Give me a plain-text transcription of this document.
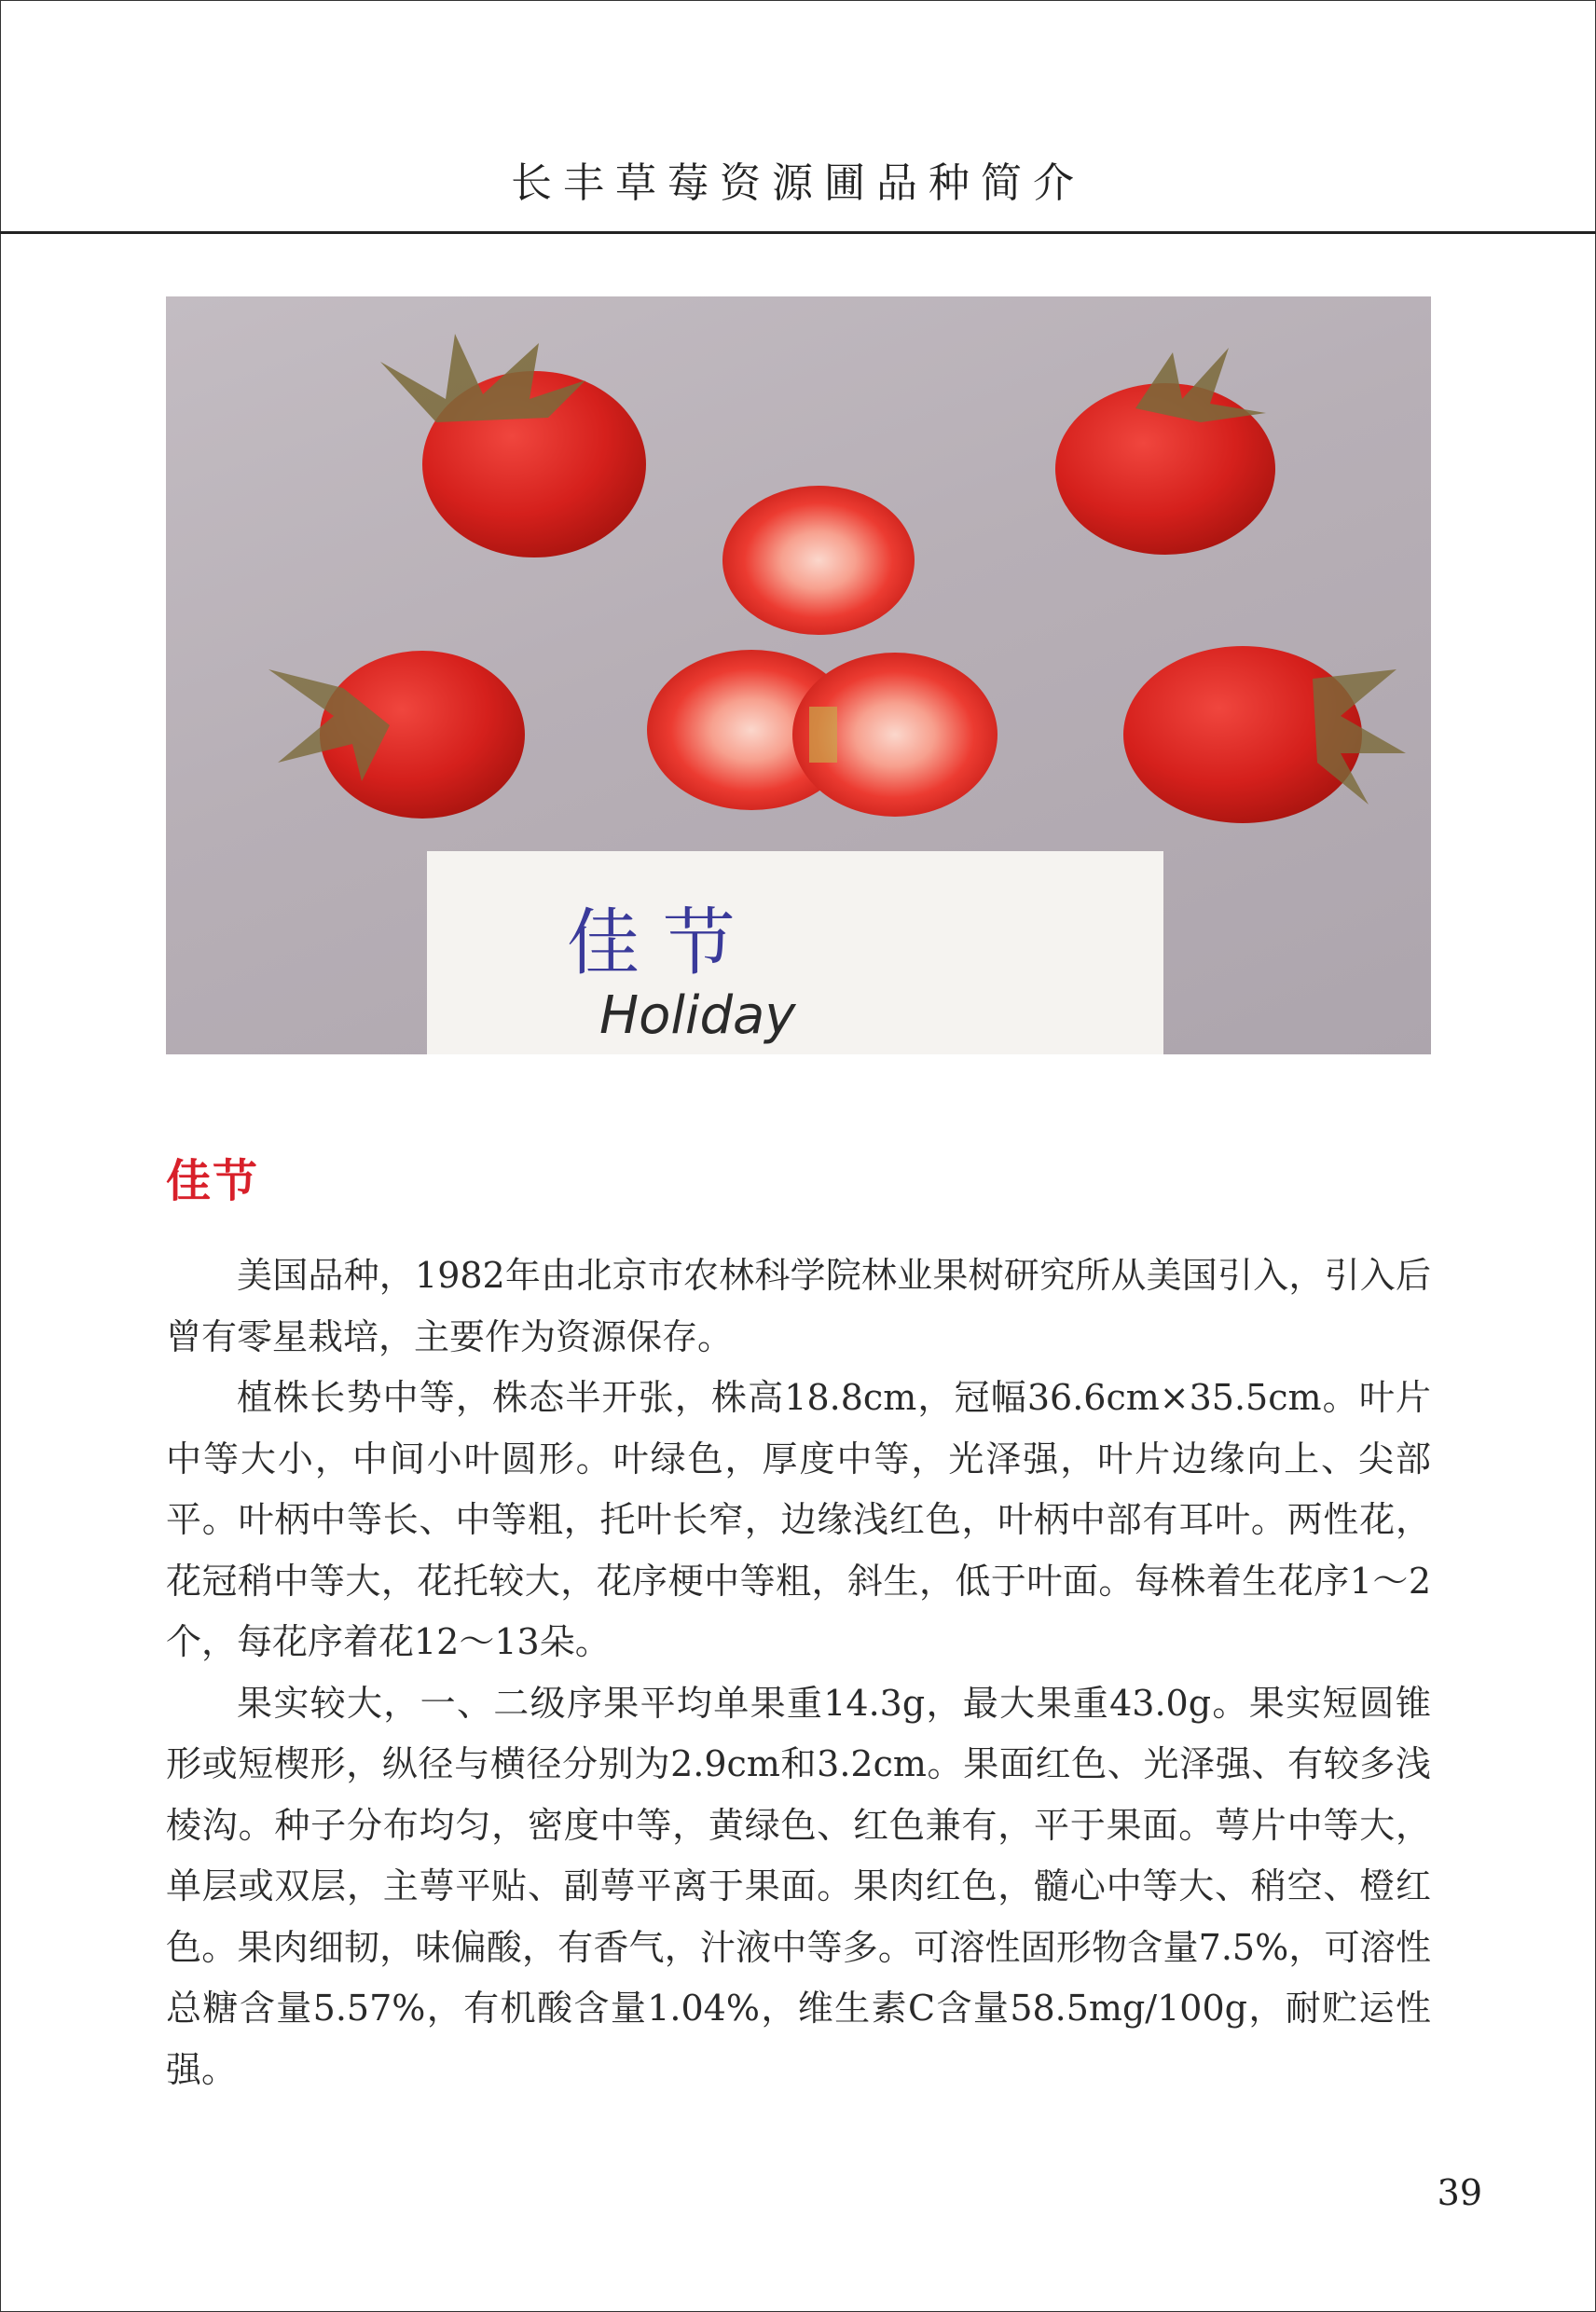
长丰草莓资源圃品种简介
佳 节
Holiday
佳节

美国品种，1982年由北京市农林科学院林业果树研究所从美国引入，引入后曾有零星栽培，主要作为资源保存。

植株长势中等，株态半开张，株高18.8cm，冠幅36.6cm×35.5cm。叶片中等大小，中间小叶圆形。叶绿色，厚度中等，光泽强，叶片边缘向上、尖部平。叶柄中等长、中等粗，托叶长窄，边缘浅红色，叶柄中部有耳叶。两性花，花冠稍中等大，花托较大，花序梗中等粗，斜生，低于叶面。每株着生花序1～2个，每花序着花12～13朵。

果实较大，一、二级序果平均单果重14.3g，最大果重43.0g。果实短圆锥形或短楔形，纵径与横径分别为2.9cm和3.2cm。果面红色、光泽强、有较多浅棱沟。种子分布均匀，密度中等，黄绿色、红色兼有，平于果面。萼片中等大，单层或双层，主萼平贴、副萼平离于果面。果肉红色，髓心中等大、稍空、橙红色。果肉细韧，味偏酸，有香气，汁液中等多。可溶性固形物含量7.5%，可溶性总糖含量5.57%，有机酸含量1.04%，维生素C含量58.5mg/100g，耐贮运性强。

39
